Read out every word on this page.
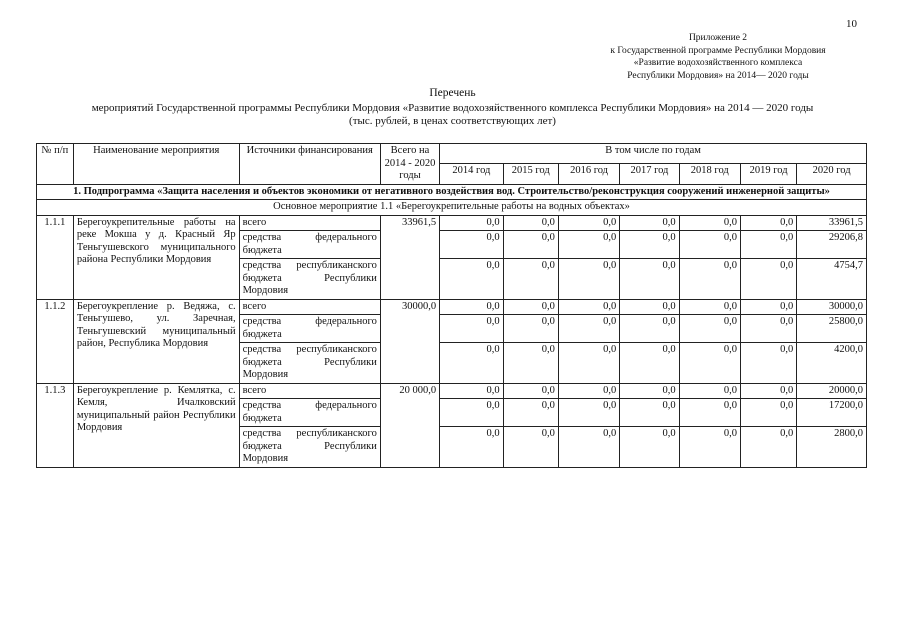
10
Приложение 2
к Государственной программе Республики Мордовия
«Развитие водохозяйственного комплекса
Республики Мордовия» на 2014— 2020 годы
Перечень
мероприятий Государственной программы Республики Мордовия «Развитие водохозяйственного комплекса Республики Мордовия» на 2014 — 2020 годы
(тыс. рублей, в ценах соответствующих лет)
№ п/п	Наименование мероприятия	Источники финансирования	Всего на 2014 - 2020 годы	В том числе по годам						
				2014 год	2015 год	2016 год	2017 год	2018 год	2019 год	2020 год
1. Подпрограмма «Защита населения и объектов экономики от негативного воздействия вод. Строительство/реконструкция сооружений инженерной защиты»										
Основное мероприятие 1.1 «Берегоукрепительные работы на водных объектах»										
1.1.1	Берегоукрепительные работы на реке Мокша у д. Красный Яр Теньгушевского муниципального района Республики Мордовия	всего	33961,5	0,0	0,0	0,0	0,0	0,0	0,0	33961,5
		средства федерального бюджета		0,0	0,0	0,0	0,0	0,0	0,0	29206,8
		средства республиканского бюджета Республики Мордовия		0,0	0,0	0,0	0,0	0,0	0,0	4754,7
1.1.2	Берегоукрепление р. Ведяжа, с. Теньгушево, ул. Заречная, Теньгушевский муниципальный район, Республика Мордовия	всего	30000,0	0,0	0,0	0,0	0,0	0,0	0,0	30000,0
		средства федерального бюджета		0,0	0,0	0,0	0,0	0,0	0,0	25800,0
		средства республиканского бюджета Республики Мордовия		0,0	0,0	0,0	0,0	0,0	0,0	4200,0
1.1.3	Берегоукрепление р. Кемлятка, с. Кемля, Ичалковский муниципальный район Республики Мордовия	всего	20 000,0	0,0	0,0	0,0	0,0	0,0	0,0	20000,0
		средства федерального бюджета		0,0	0,0	0,0	0,0	0,0	0,0	17200,0
		средства республиканского бюджета Республики Мордовия		0,0	0,0	0,0	0,0	0,0	0,0	2800,0
